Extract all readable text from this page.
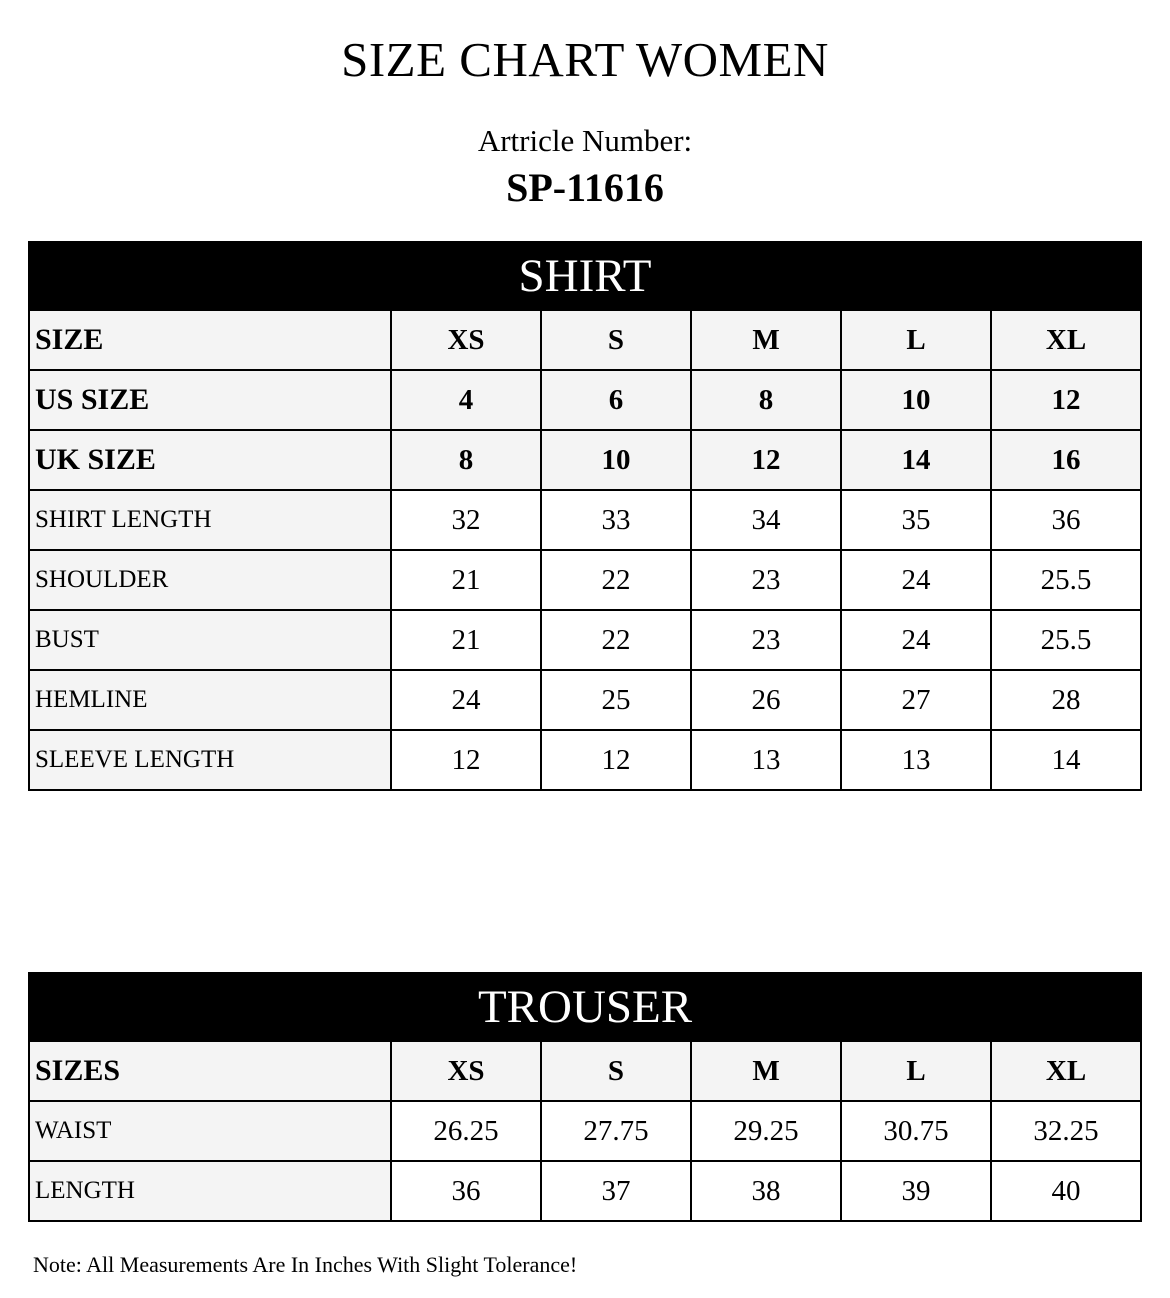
SIZE CHART WOMEN
Artricle Number:
SP-11616
SHIRT					
SIZE	XS	S	M	L	XL
US SIZE	4	6	8	10	12
UK SIZE	8	10	12	14	16
SHIRT LENGTH	32	33	34	35	36
SHOULDER	21	22	23	24	25.5
BUST	21	22	23	24	25.5
HEMLINE	24	25	26	27	28
SLEEVE LENGTH	12	12	13	13	14
TROUSER					
SIZES	XS	S	M	L	XL
WAIST	26.25	27.75	29.25	30.75	32.25
LENGTH	36	37	38	39	40
Note: All Measurements Are In Inches With Slight Tolerance!
